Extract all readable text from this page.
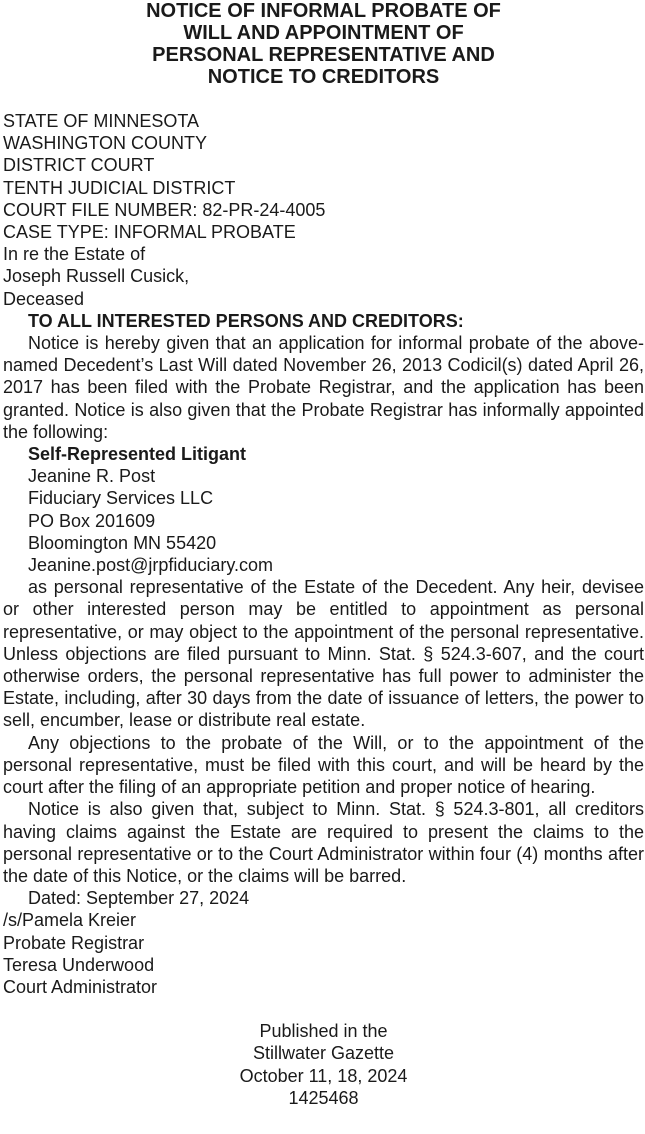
NOTICE OF INFORMAL PROBATE OF
WILL AND APPOINTMENT OF
PERSONAL REPRESENTATIVE AND
NOTICE TO CREDITORS
STATE OF MINNESOTA
WASHINGTON COUNTY
DISTRICT COURT
TENTH JUDICIAL DISTRICT
COURT FILE NUMBER: 82-PR-24-4005
CASE TYPE: INFORMAL PROBATE
In re the Estate of
Joseph Russell Cusick,
Deceased
TO ALL INTERESTED PERSONS AND CREDITORS:

Notice is hereby given that an application for informal probate of the above-named Decedent’s Last Will dated November 26, 2013 Codicil(s) dated April 26, 2017 has been filed with the Probate Registrar, and the application has been granted. Notice is also given that the Probate Registrar has informally appointed the following:

Self-Represented Litigant
Jeanine R. Post
Fiduciary Services LLC
PO Box 201609
Bloomington MN 55420
Jeanine.post@jrpfiduciary.com

as personal representative of the Estate of the Decedent. Any heir, devisee or other interested person may be entitled to appointment as personal representative, or may object to the appointment of the personal representative. Unless objections are filed pursuant to Minn. Stat. § 524.3-607, and the court otherwise orders, the personal representative has full power to administer the Estate, including, after 30 days from the date of issuance of letters, the power to sell, encumber, lease or distribute real estate.

Any objections to the probate of the Will, or to the appointment of the personal representative, must be filed with this court, and will be heard by the court after the filing of an appropriate petition and proper notice of hearing.

Notice is also given that, subject to Minn. Stat. § 524.3-801, all creditors having claims against the Estate are required to present the claims to the personal representative or to the Court Administrator within four (4) months after the date of this Notice, or the claims will be barred.

Dated: September 27, 2024
/s/Pamela Kreier
Probate Registrar
Teresa Underwood
Court Administrator
Published in the
Stillwater Gazette
October 11, 18, 2024
1425468
